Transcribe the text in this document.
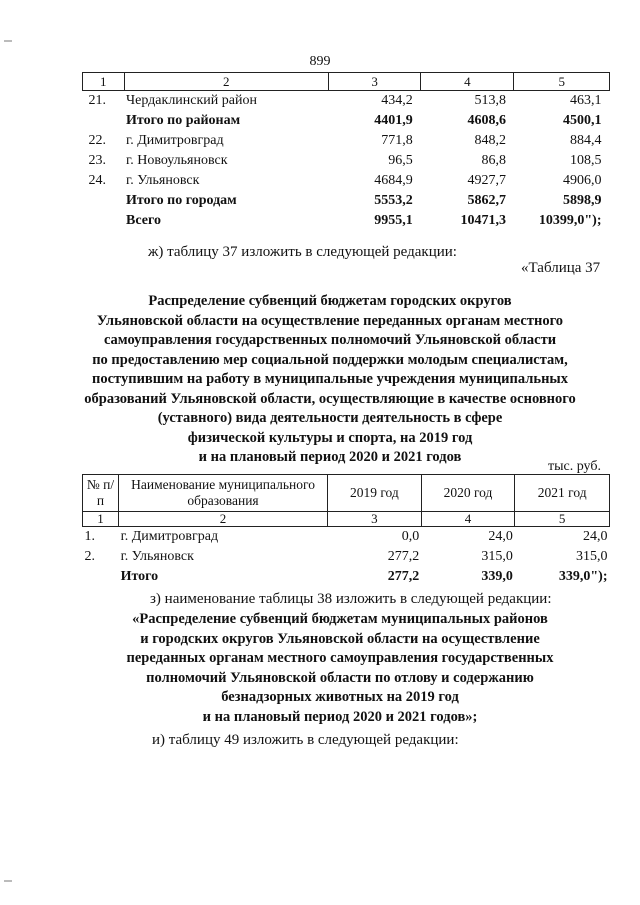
899
1	2	3	4	5
21.	Чердаклинский район	434,2	513,8	463,1
	Итого по районам	4401,9	4608,6	4500,1
22.	г. Димитровград	771,8	848,2	884,4
23.	г. Новоульяновск	96,5	86,8	108,5
24.	г. Ульяновск	4684,9	4927,7	4906,0
	Итого по городам	5553,2	5862,7	5898,9
	Всего	9955,1	10471,3	10399,0");
ж) таблицу 37 изложить в следующей редакции:
«Таблица 37
Распределение субвенций бюджетам городских округов
Ульяновской области на осуществление переданных органам местного
самоуправления государственных полномочий Ульяновской области
по предоставлению мер социальной поддержки молодым специалистам,
поступившим на работу в муниципальные учреждения муниципальных
образований Ульяновской области, осуществляющие в качестве основного
(уставного) вида деятельности деятельность в сфере
физической культуры и спорта, на 2019 год
и на плановый период 2020 и 2021 годов
тыс. руб.
№ п/п	Наименование муниципального образования	2019 год	2020 год	2021 год
1	2	3	4	5
1.	г. Димитровград	0,0	24,0	24,0
2.	г. Ульяновск	277,2	315,0	315,0
	Итого	277,2	339,0	339,0");
з) наименование таблицы 38 изложить в следующей редакции:
«Распределение субвенций бюджетам муниципальных районов
и городских округов Ульяновской области на осуществление
переданных органам местного самоуправления государственных
полномочий Ульяновской области по отлову и содержанию
безнадзорных животных на 2019 год
и на плановый период 2020 и 2021 годов»;
и) таблицу 49 изложить в следующей редакции:
